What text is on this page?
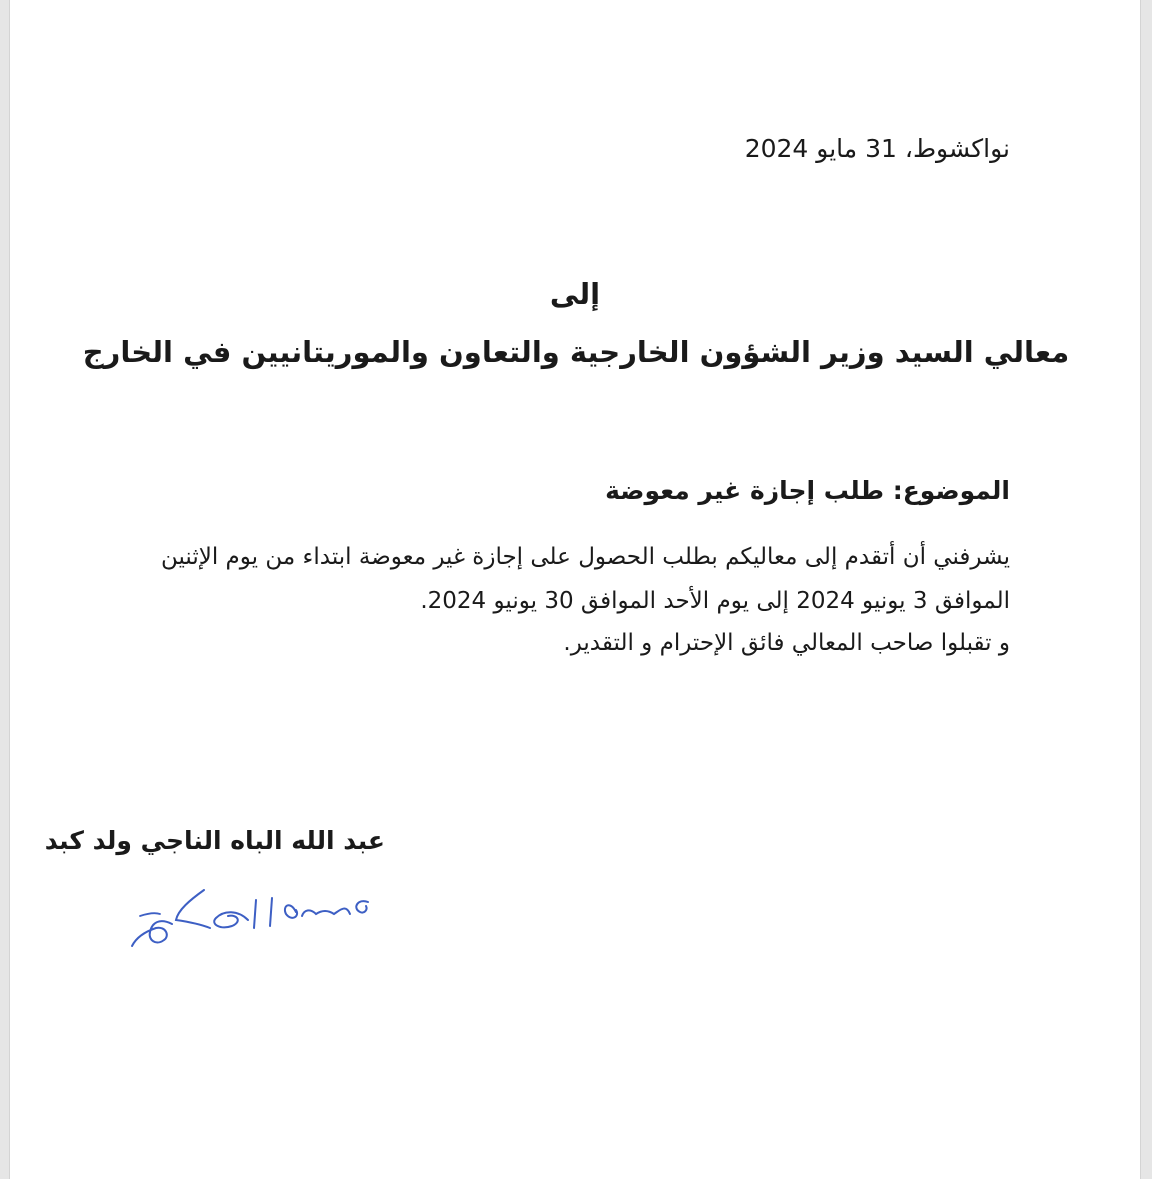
نواكشوط، 31 مايو 2024
إلى
معالي السيد وزير الشؤون الخارجية والتعاون والموريتانيين في الخارج
الموضوع: طلب إجازة غير معوضة
يشرفني أن أتقدم إلى معاليكم بطلب الحصول على إجازة غير معوضة ابتداء من يوم الإثنين الموافق 3 يونيو 2024 إلى يوم الأحد الموافق 30 يونيو 2024.
و تقبلوا صاحب المعالي فائق الإحترام و التقدير.
عبد الله الباه الناجي ولد كبد
